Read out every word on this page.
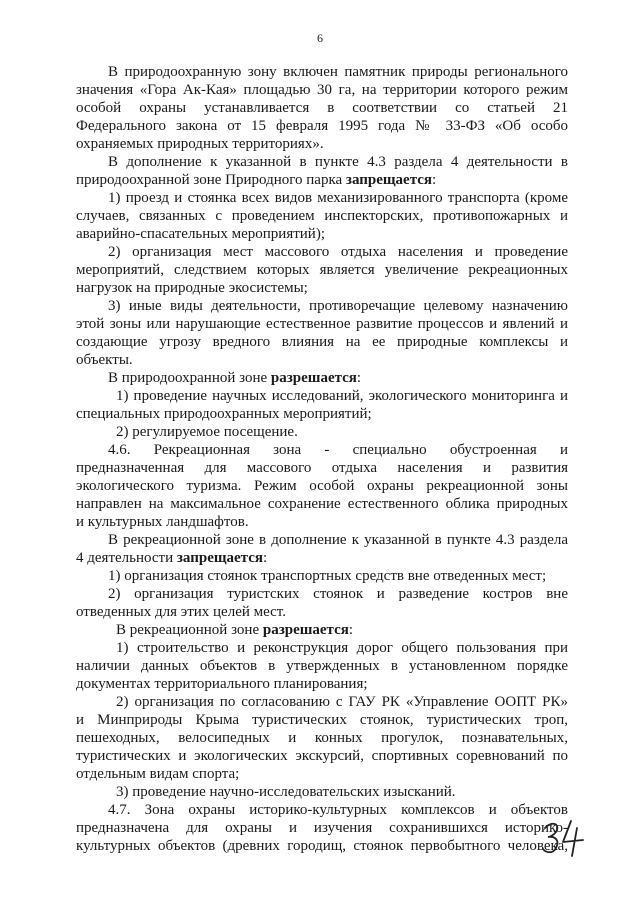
6
В природоохранную зону включен памятник природы регионального
значения «Гора Ак-Кая» площадью 30 га, на территории которого режим
особой охраны устанавливается в соответствии со статьей 21
Федерального закона от 15 февраля 1995 года № 33-ФЗ «Об особо
охраняемых природных территориях».
В дополнение к указанной в пункте 4.3 раздела 4 деятельности в
природоохранной зоне Природного парка запрещается:
1) проезд и стоянка всех видов механизированного транспорта (кроме
случаев, связанных с проведением инспекторских, противопожарных и
аварийно-спасательных мероприятий);
2) организация мест массового отдыха населения и проведение
мероприятий, следствием которых является увеличение рекреационных
нагрузок на природные экосистемы;
3) иные виды деятельности, противоречащие целевому назначению
этой зоны или нарушающие естественное развитие процессов и явлений и
создающие угрозу вредного влияния на ее природные комплексы и
объекты.
В природоохранной зоне разрешается:
1) проведение научных исследований, экологического мониторинга и
специальных природоохранных мероприятий;
2) регулируемое посещение.
4.6. Рекреационная зона - специально обустроенная и
предназначенная для массового отдыха населения и развития
экологического туризма. Режим особой охраны рекреационной зоны
направлен на максимальное сохранение естественного облика природных
и культурных ландшафтов.
В рекреационной зоне в дополнение к указанной в пункте 4.3 раздела
4 деятельности запрещается:
1) организация стоянок транспортных средств вне отведенных мест;
2) организация туристских стоянок и разведение костров вне
отведенных для этих целей мест.
В рекреационной зоне разрешается:
1) строительство и реконструкция дорог общего пользования при
наличии данных объектов в утвержденных в установленном порядке
документах территориального планирования;
2) организация по согласованию с ГАУ РК «Управление ООПТ РК»
и Минприроды Крыма туристических стоянок, туристических троп,
пешеходных, велосипедных и конных прогулок, познавательных,
туристических и экологических экскурсий, спортивных соревнований по
отдельным видам спорта;
3) проведение научно-исследовательских изысканий.
4.7. Зона охраны историко-культурных комплексов и объектов
предназначена для охраны и изучения сохранившихся историко-
культурных объектов (древних городищ, стоянок первобытного человека,
